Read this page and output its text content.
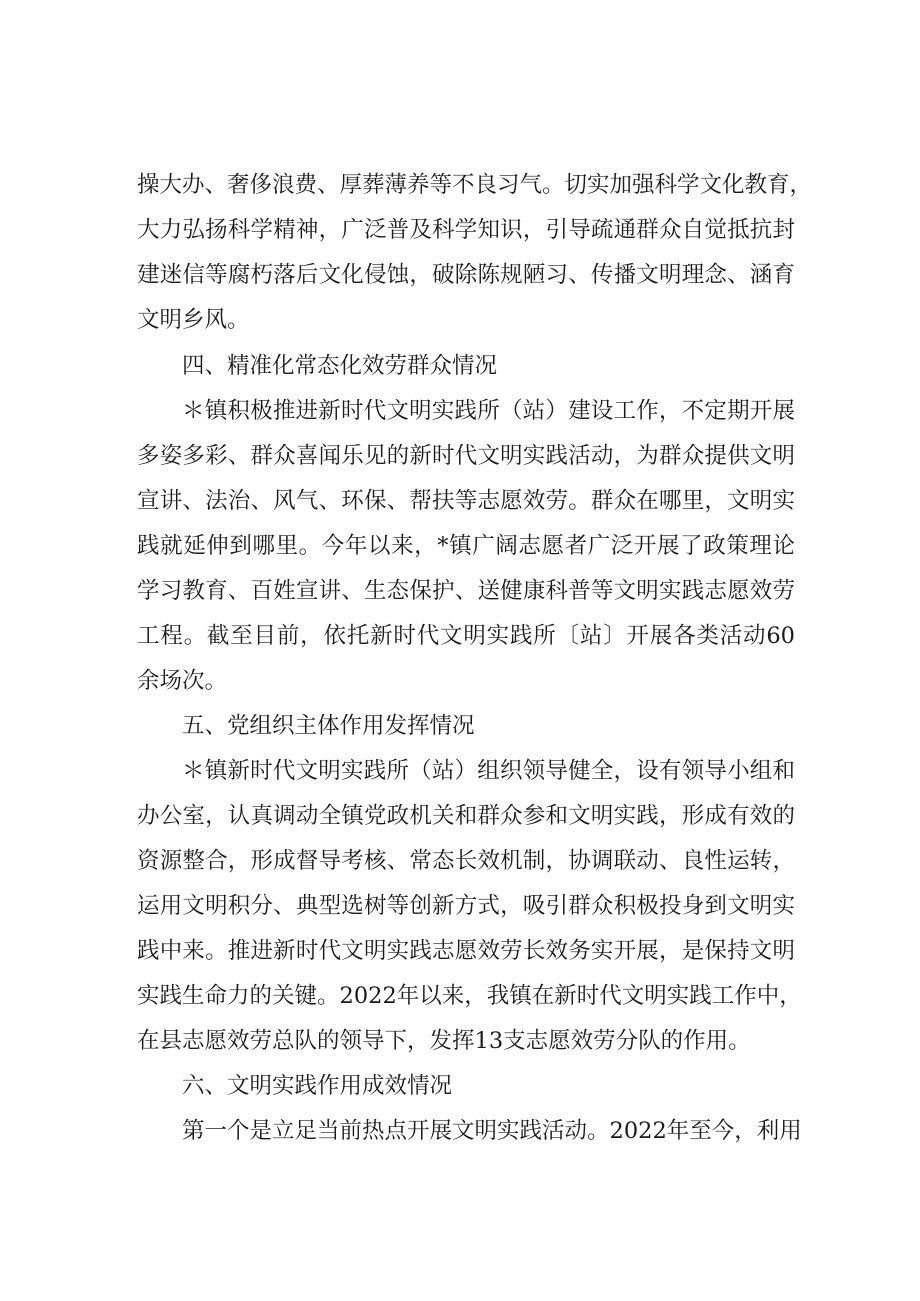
操大办、奢侈浪费、厚葬薄养等不良习气。切实加强科学文化教育，
大力弘扬科学精神，广泛普及科学知识，引导疏通群众自觉抵抗封
建迷信等腐朽落后文化侵蚀，破除陈规陋习、传播文明理念、涵育
文明乡风。
四、精准化常态化效劳群众情况
＊镇积极推进新时代文明实践所（站）建设工作，不定期开展
多姿多彩、群众喜闻乐见的新时代文明实践活动，为群众提供文明
宣讲、法治、风气、环保、帮扶等志愿效劳。群众在哪里，文明实
践就延伸到哪里。今年以来，*镇广阔志愿者广泛开展了政策理论
学习教育、百姓宣讲、生态保护、送健康科普等文明实践志愿效劳
工程。截至目前，依托新时代文明实践所〔站〕开展各类活动60
余场次。
五、党组织主体作用发挥情况
＊镇新时代文明实践所（站）组织领导健全，设有领导小组和
办公室，认真调动全镇党政机关和群众参和文明实践，形成有效的
资源整合，形成督导考核、常态长效机制，协调联动、良性运转，
运用文明积分、典型选树等创新方式，吸引群众积极投身到文明实
践中来。推进新时代文明实践志愿效劳长效务实开展，是保持文明
实践生命力的关键。2022年以来，我镇在新时代文明实践工作中，
在县志愿效劳总队的领导下，发挥13支志愿效劳分队的作用。
六、文明实践作用成效情况
第一个是立足当前热点开展文明实践活动。2022年至今，利用
